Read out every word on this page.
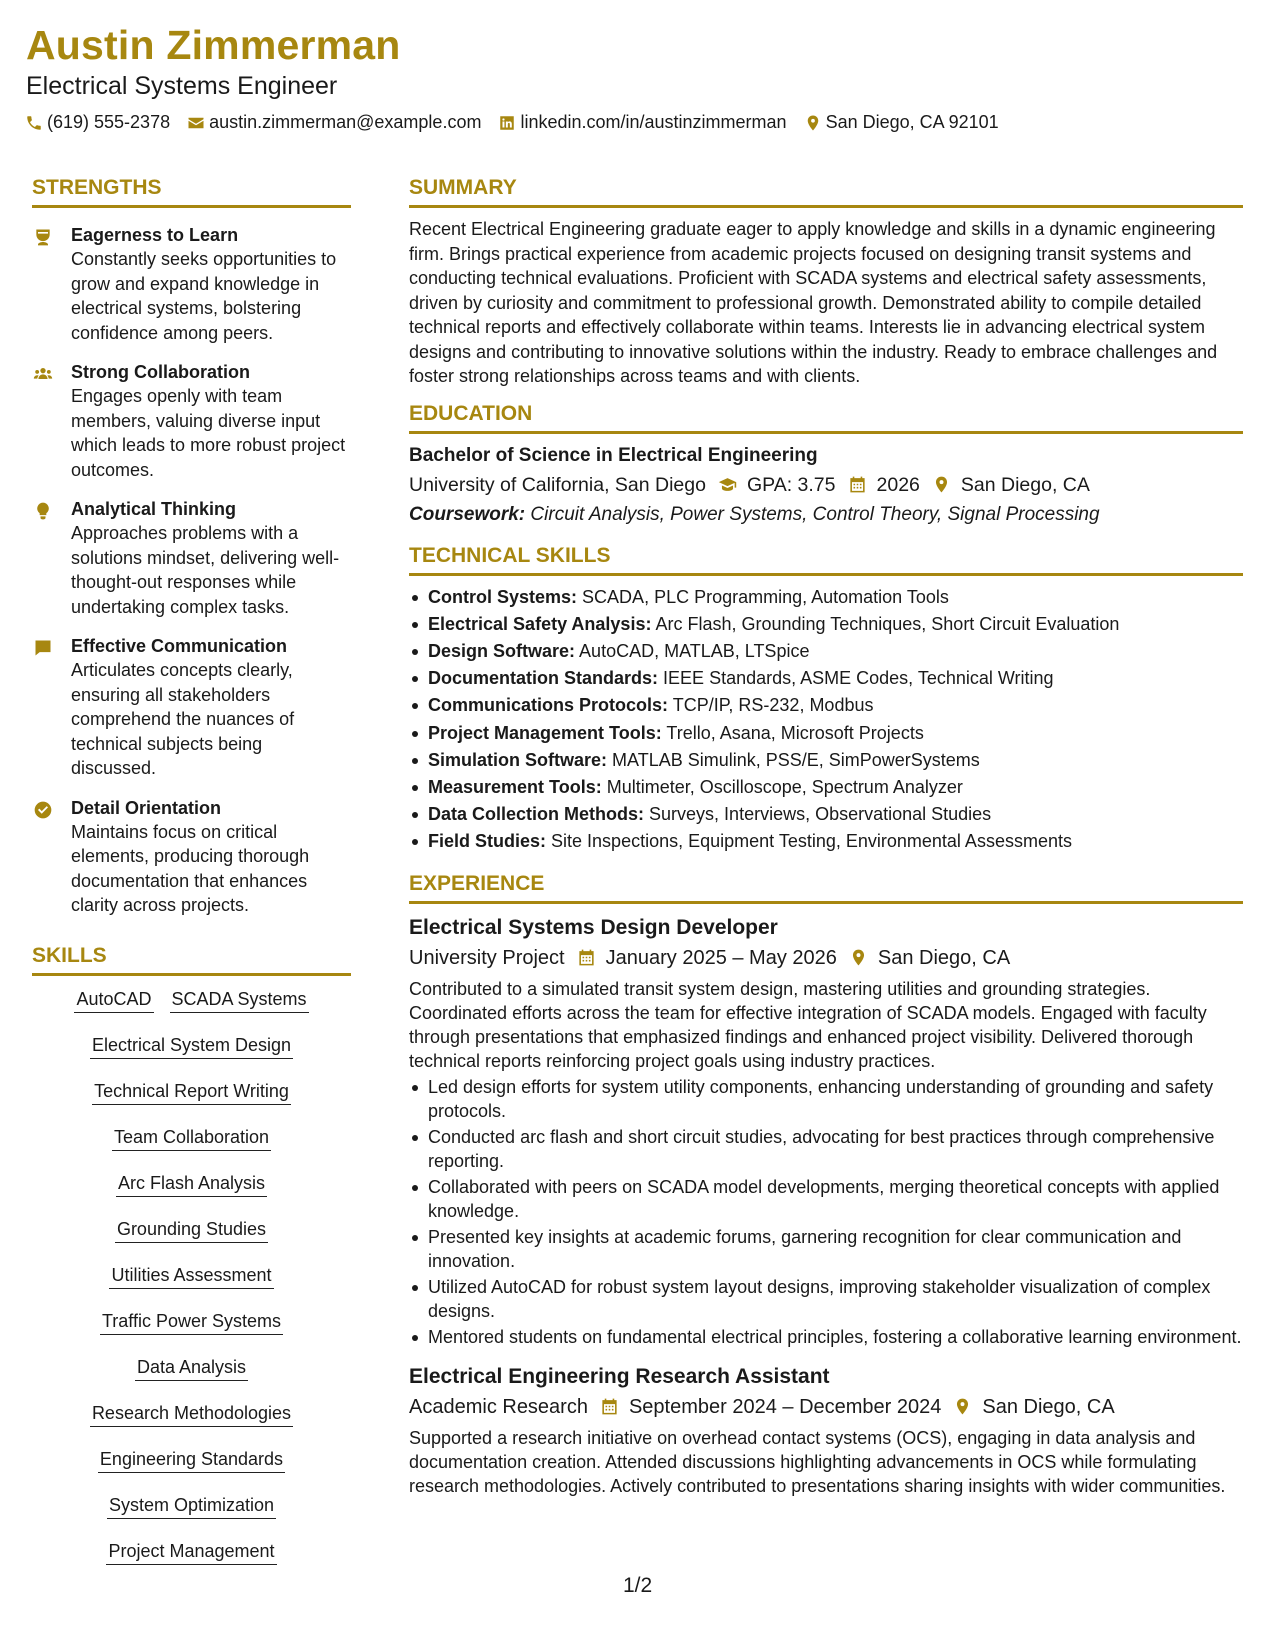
Austin Zimmerman
Electrical Systems Engineer
(619) 555-2378 austin.zimmerman@example.com linkedin.com/in/austinzimmerman San Diego, CA 92101
STRENGTHS
Eagerness to Learn
Constantly seeks opportunities to grow and expand knowledge in electrical systems, bolstering confidence among peers.
Strong Collaboration
Engages openly with team members, valuing diverse input which leads to more robust project outcomes.
Analytical Thinking
Approaches problems with a solutions mindset, delivering well-thought-out responses while undertaking complex tasks.
Effective Communication
Articulates concepts clearly, ensuring all stakeholders comprehend the nuances of technical subjects being discussed.
Detail Orientation
Maintains focus on critical elements, producing thorough documentation that enhances clarity across projects.
SKILLS
AutoCAD SCADA Systems
Electrical System Design
Technical Report Writing
Team Collaboration
Arc Flash Analysis
Grounding Studies
Utilities Assessment
Traffic Power Systems
Data Analysis
Research Methodologies
Engineering Standards
System Optimization
Project Management
SUMMARY
Recent Electrical Engineering graduate eager to apply knowledge and skills in a dynamic engineering firm. Brings practical experience from academic projects focused on designing transit systems and conducting technical evaluations. Proficient with SCADA systems and electrical safety assessments, driven by curiosity and commitment to professional growth. Demonstrated ability to compile detailed technical reports and effectively collaborate within teams. Interests lie in advancing electrical system designs and contributing to innovative solutions within the industry. Ready to embrace challenges and foster strong relationships across teams and with clients.
EDUCATION
Bachelor of Science in Electrical Engineering
University of California, San Diego GPA: 3.75 2026 San Diego, CA
Coursework: Circuit Analysis, Power Systems, Control Theory, Signal Processing
TECHNICAL SKILLS
Control Systems: SCADA, PLC Programming, Automation Tools
Electrical Safety Analysis: Arc Flash, Grounding Techniques, Short Circuit Evaluation
Design Software: AutoCAD, MATLAB, LTSpice
Documentation Standards: IEEE Standards, ASME Codes, Technical Writing
Communications Protocols: TCP/IP, RS-232, Modbus
Project Management Tools: Trello, Asana, Microsoft Projects
Simulation Software: MATLAB Simulink, PSS/E, SimPowerSystems
Measurement Tools: Multimeter, Oscilloscope, Spectrum Analyzer
Data Collection Methods: Surveys, Interviews, Observational Studies
Field Studies: Site Inspections, Equipment Testing, Environmental Assessments
EXPERIENCE
Electrical Systems Design Developer
University Project January 2025 – May 2026 San Diego, CA
Contributed to a simulated transit system design, mastering utilities and grounding strategies. Coordinated efforts across the team for effective integration of SCADA models. Engaged with faculty through presentations that emphasized findings and enhanced project visibility. Delivered thorough technical reports reinforcing project goals using industry practices.
Led design efforts for system utility components, enhancing understanding of grounding and safety protocols.
Conducted arc flash and short circuit studies, advocating for best practices through comprehensive reporting.
Collaborated with peers on SCADA model developments, merging theoretical concepts with applied knowledge.
Presented key insights at academic forums, garnering recognition for clear communication and innovation.
Utilized AutoCAD for robust system layout designs, improving stakeholder visualization of complex designs.
Mentored students on fundamental electrical principles, fostering a collaborative learning environment.
Electrical Engineering Research Assistant
Academic Research September 2024 – December 2024 San Diego, CA
Supported a research initiative on overhead contact systems (OCS), engaging in data analysis and documentation creation. Attended discussions highlighting advancements in OCS while formulating research methodologies. Actively contributed to presentations sharing insights with wider communities.
1/2
